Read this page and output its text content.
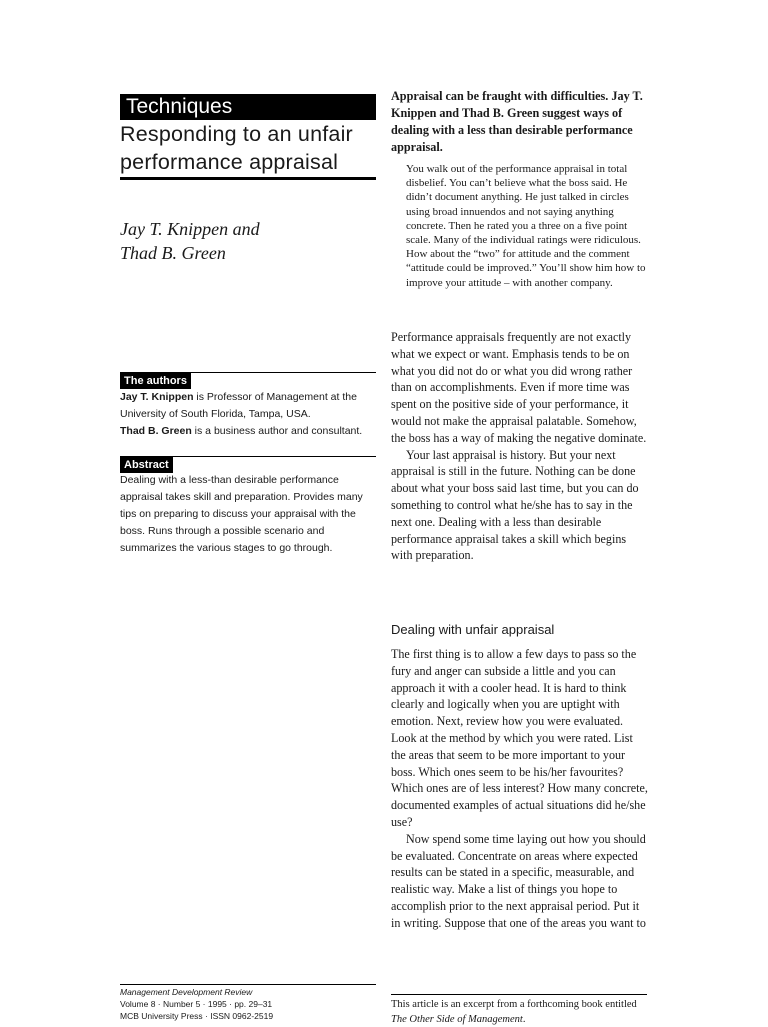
Techniques
Responding to an unfair
performance appraisal
Jay T. Knippen and
Thad B. Green
The authors

Jay T. Knippen is Professor of Management at the University of South Florida, Tampa, USA.

Thad B. Green is a business author and consultant.

Abstract
Dealing with a less-than desirable performance appraisal takes skill and preparation. Provides many tips on preparing to discuss your appraisal with the boss. Runs through a possible scenario and summarizes the various stages to go through.
Management Development Review
Volume 8 · Number 5 · 1995 · pp. 29–31
MCB University Press · ISSN 0962-2519

Appraisal can be fraught with difficulties. Jay T. Knippen and Thad B. Green suggest ways of dealing with a less than desirable performance appraisal.

You walk out of the performance appraisal in total disbelief. You can’t believe what the boss said. He didn’t document anything. He just talked in circles using broad innuendos and not saying anything concrete. Then he rated you a three on a five point scale. Many of the individual ratings were ridiculous. How about the “two” for attitude and the comment “attitude could be improved.” You’ll show him how to improve your attitude – with another company.

Performance appraisals frequently are not exactly what we expect or want. Emphasis tends to be on what you did not do or what you did wrong rather than on accomplishments. Even if more time was spent on the positive side of your performance, it would not make the appraisal palatable. Somehow, the boss has a way of making the negative dominate.

Your last appraisal is history. But your next appraisal is still in the future. Nothing can be done about what your boss said last time, but you can do something to control what he/she has to say in the next one. Dealing with a less than desirable performance appraisal takes a skill which begins with preparation.

Dealing with unfair appraisal

The first thing is to allow a few days to pass so the fury and anger can subside a little and you can approach it with a cooler head. It is hard to think clearly and logically when you are uptight with emotion. Next, review how you were evaluated. Look at the method by which you were rated. List the areas that seem to be more important to your boss. Which ones seem to be his/her favourites? Which ones are of less interest? How many concrete, documented examples of actual situations did he/she use?

Now spend some time laying out how you should be evaluated. Concentrate on areas where expected results can be stated in a specific, measurable, and realistic way. Make a list of things you hope to accomplish prior to the next appraisal period. Put it in writing. Suppose that one of the areas you want to

This article is an excerpt from a forthcoming book entitled The Other Side of Management.
